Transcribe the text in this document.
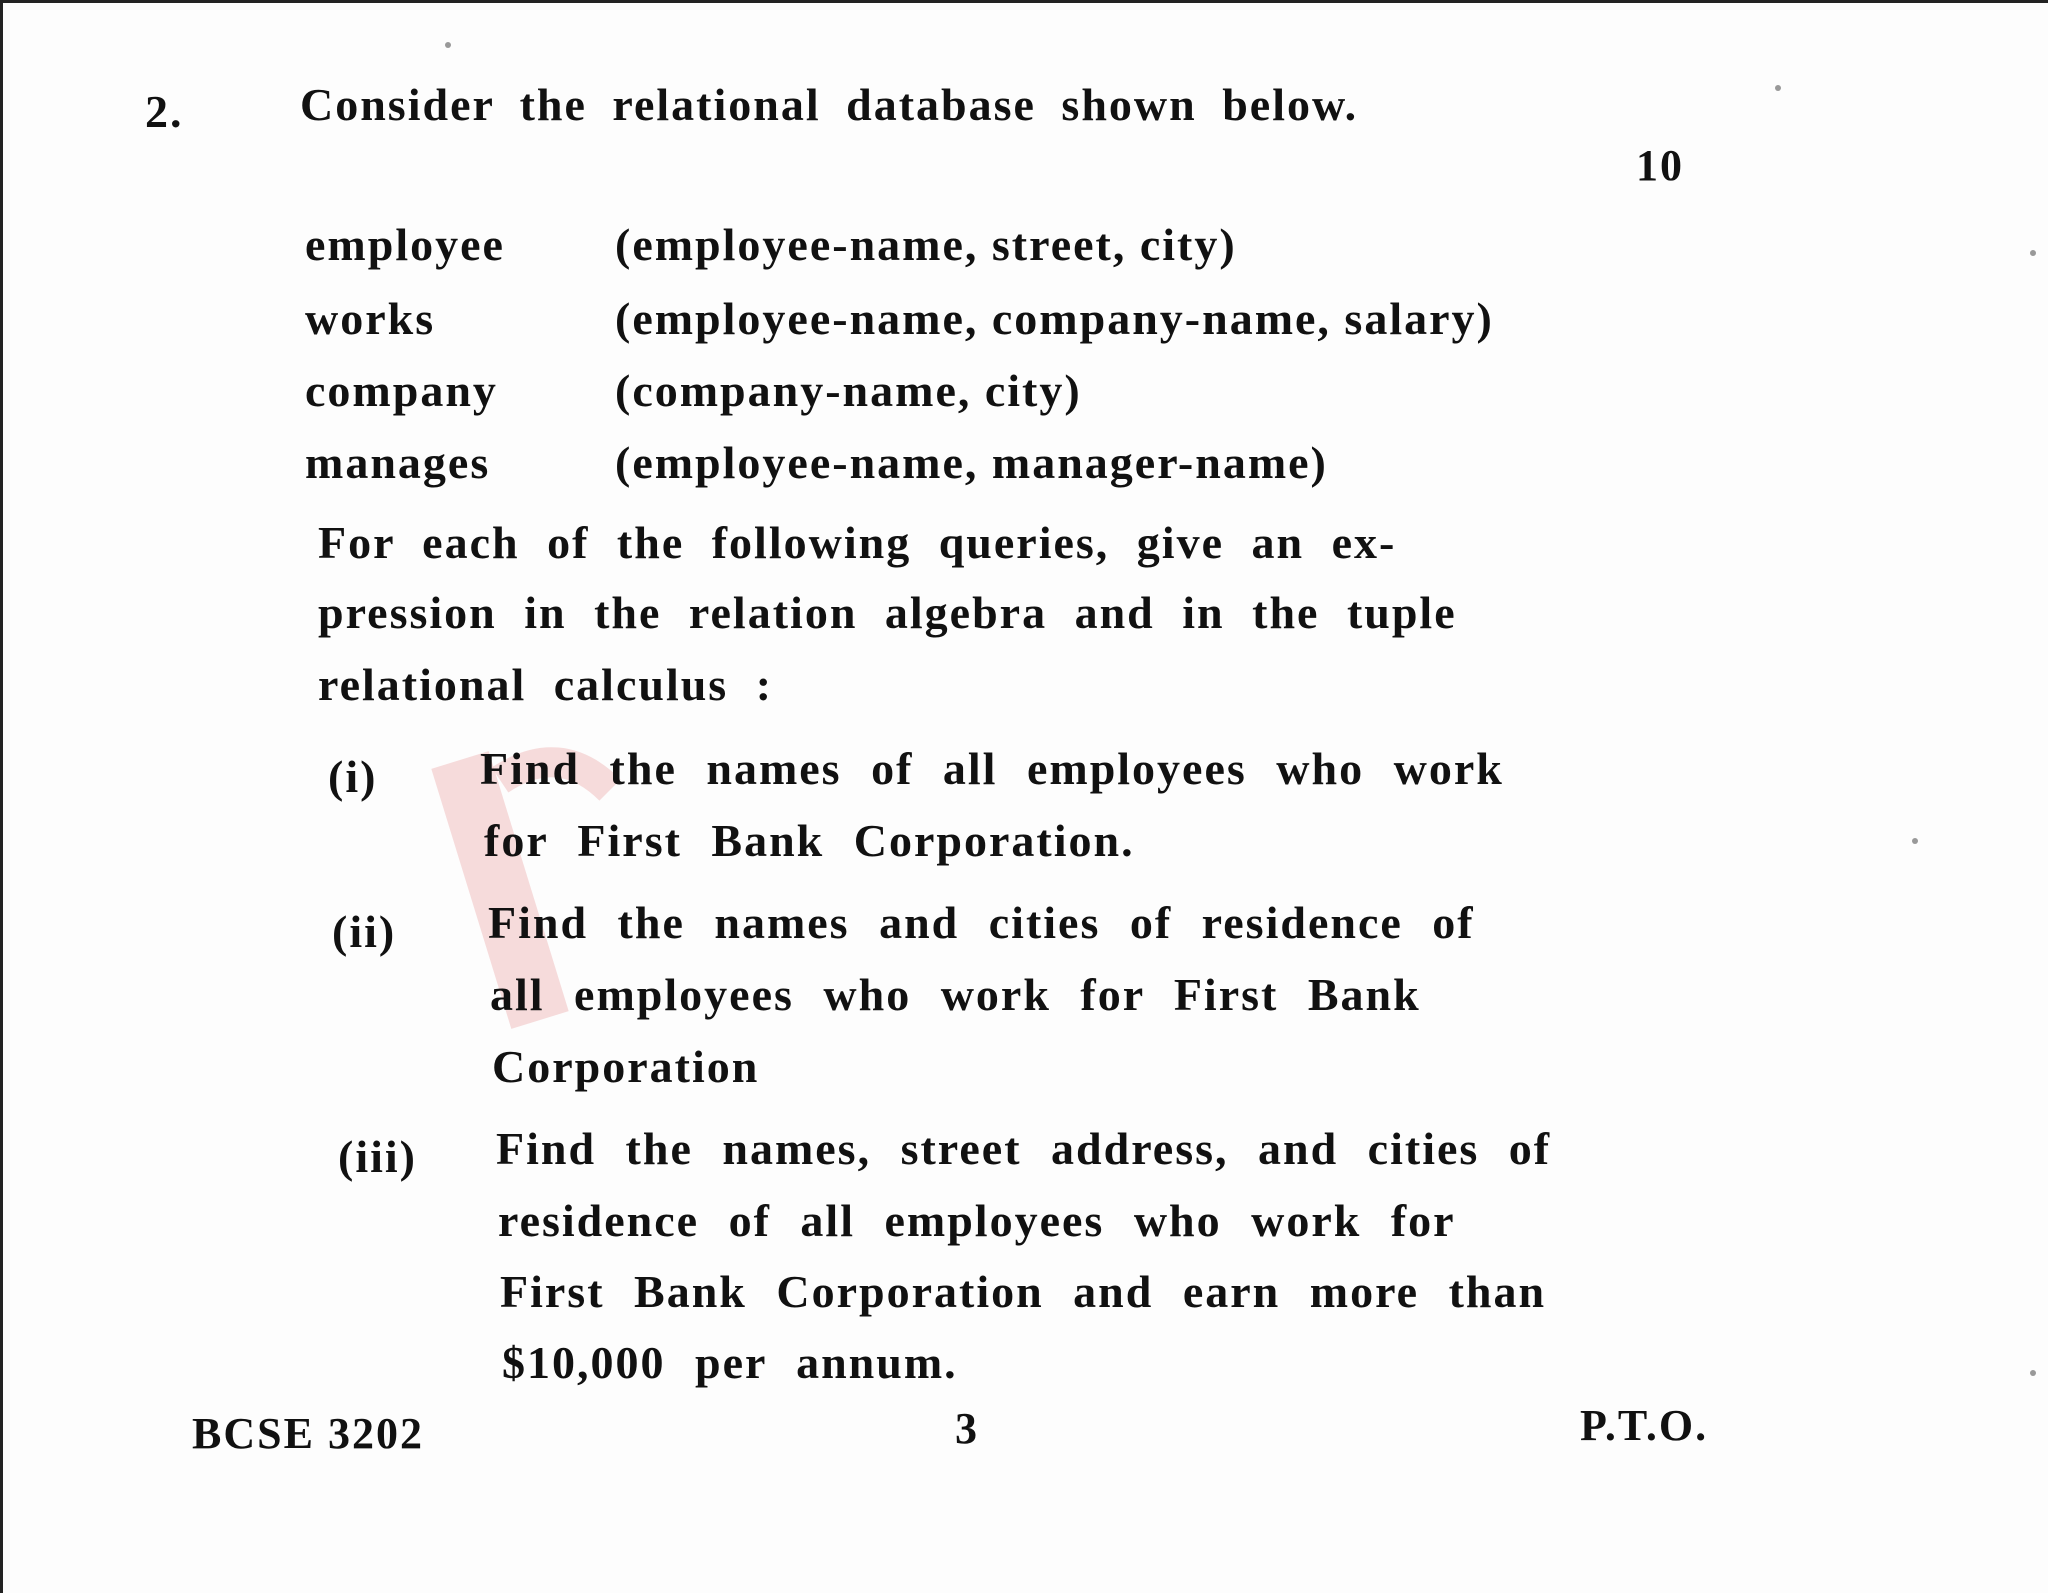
2.	Consider the relational database shown below.
10
employee (employee-name, street, city)
works	(employee-name, company-name, salary)
company	(company-name, city)
manages	(employee-name, manager-name)
For each of the following queries, give an ex-
pression in the relation algebra and in the tuple
relational calculus :
(i) Find the names of all employees who work
for First Bank Corporation.
(ii) Find the names and cities of residence of
all employees who work for First Bank
Corporation
(iii) Find the names, street address, and cities of
residence of all employees who work for
First Bank Corporation and earn more than
$10,000 per annum.
BCSE 3202	3	P.T.O.
